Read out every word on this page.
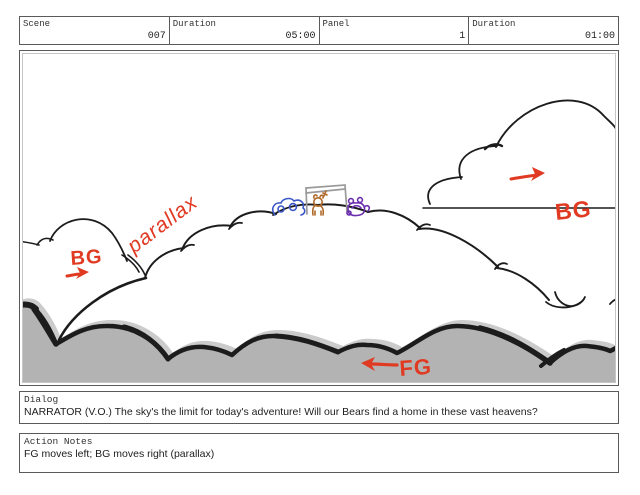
Scene
007
Duration
05:00
Panel
1
Duration
01:00
parallax	BG
BG
FG
Dialog
NARRATOR (V.O.) The sky's the limit for today's adventure! Will our Bears find a home in these vast heavens?
Action Notes
FG moves left; BG moves right (parallax)
